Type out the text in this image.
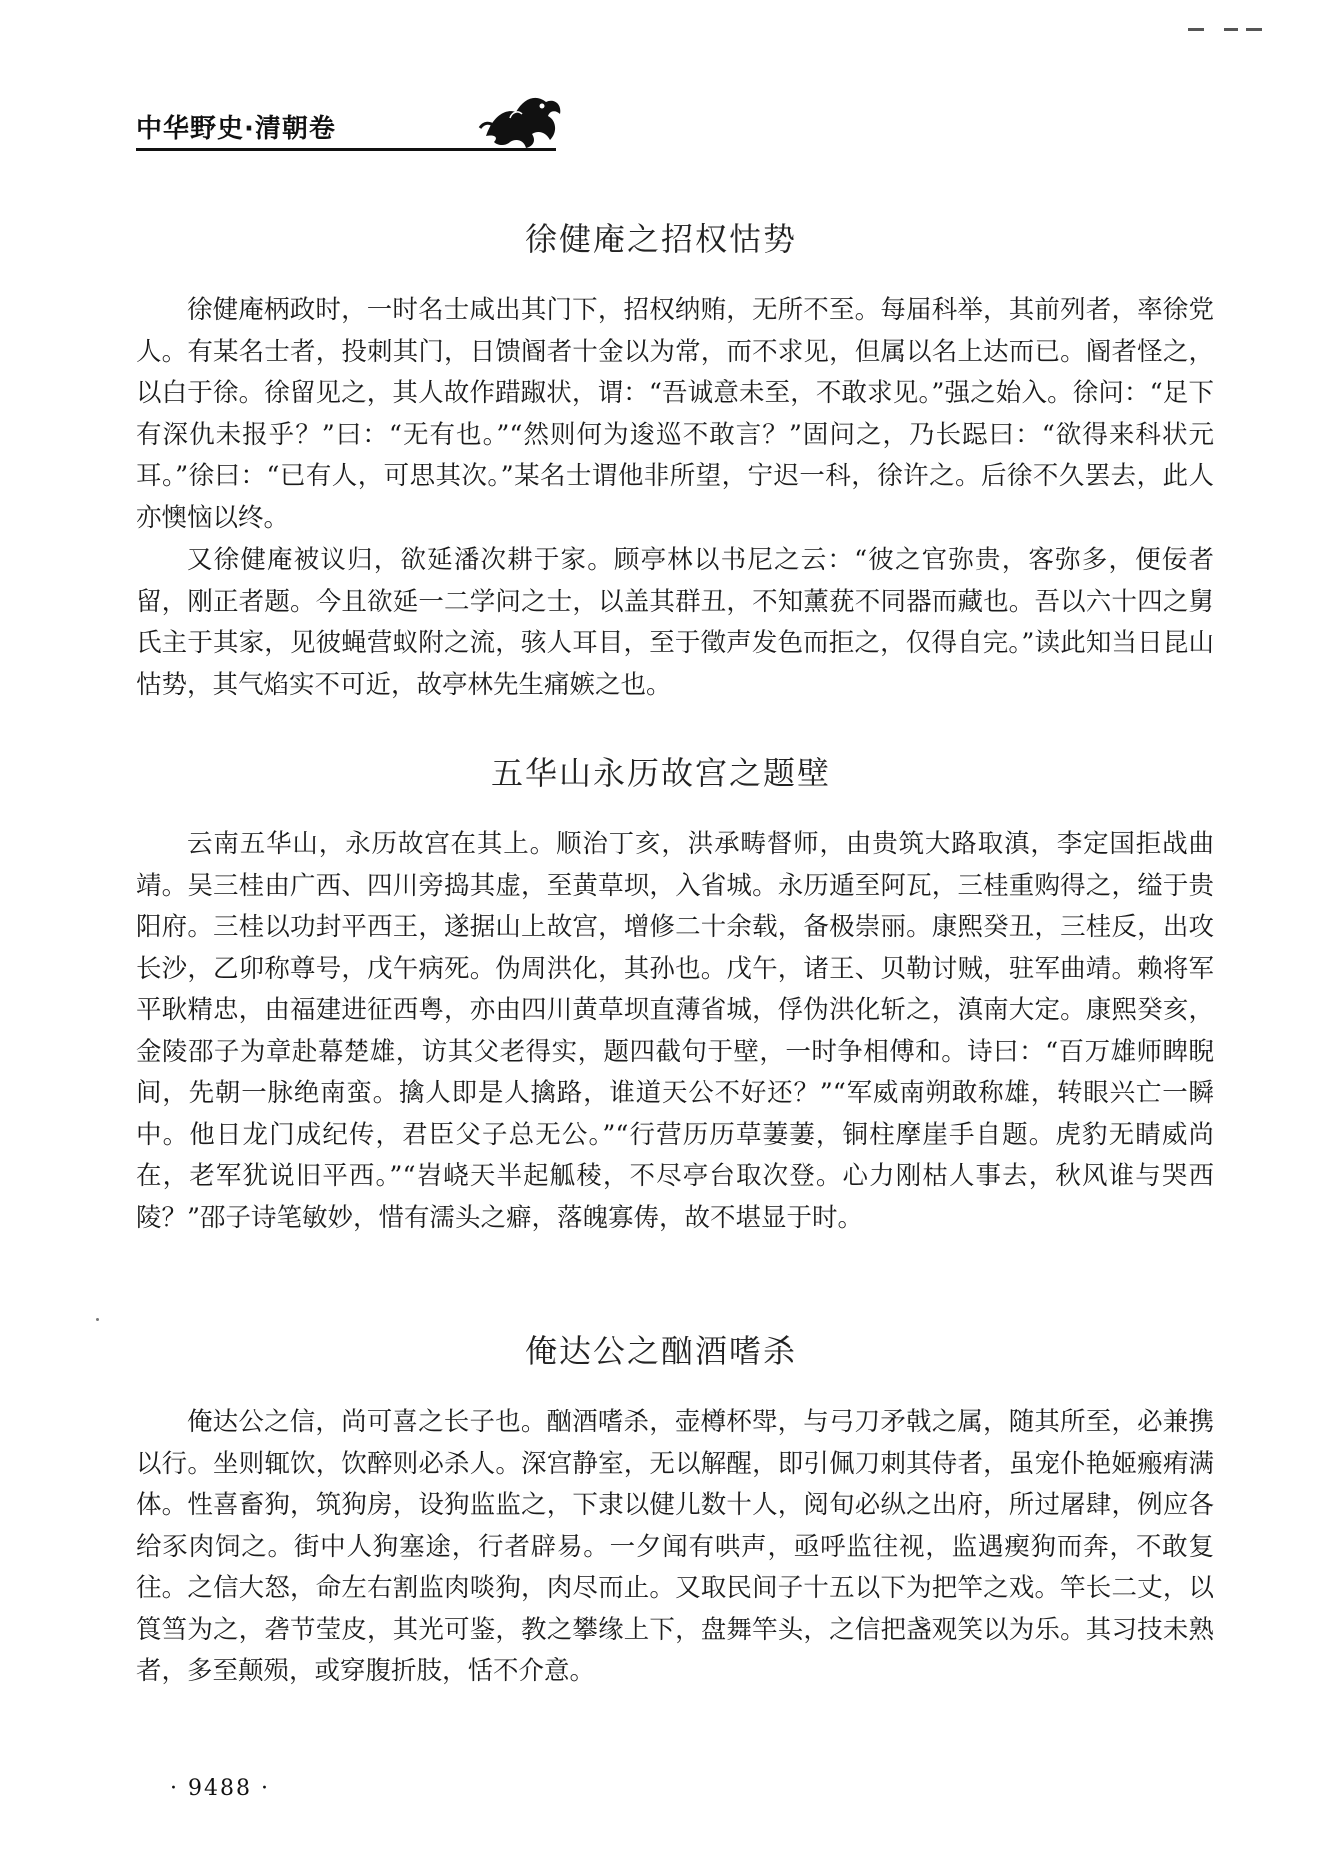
中华野史·清朝卷
徐健庵之招权怙势

徐健庵柄政时，一时名士咸出其门下，招权纳贿，无所不至。每届科举，其前列者，率徐党人。有某名士者，投刺其门，日馈阍者十金以为常，而不求见，但属以名上达而已。阍者怪之，以白于徐。徐留见之，其人故作踖踧状，谓：“吾诚意未至，不敢求见。”强之始入。徐问：“足下有深仇未报乎？”曰：“无有也。”“然则何为逡巡不敢言？”固问之，乃长跽曰：“欲得来科状元耳。”徐曰：“已有人，可思其次。”某名士谓他非所望，宁迟一科，徐许之。后徐不久罢去，此人亦懊恼以终。

又徐健庵被议归，欲延潘次耕于家。顾亭林以书尼之云：“彼之官弥贵，客弥多，便佞者留，刚正者题。今且欲延一二学问之士，以盖其群丑，不知薰莸不同器而藏也。吾以六十四之舅氏主于其家，见彼蝇营蚁附之流，骇人耳目，至于徵声发色而拒之，仅得自完。”读此知当日昆山怙势，其气焰实不可近，故亭林先生痛嫉之也。

五华山永历故宫之题壁

云南五华山，永历故宫在其上。顺治丁亥，洪承畴督师，由贵筑大路取滇，李定国拒战曲靖。吴三桂由广西、四川旁捣其虚，至黄草坝，入省城。永历遁至阿瓦，三桂重购得之，缢于贵阳府。三桂以功封平西王，遂据山上故宫，增修二十余载，备极崇丽。康熙癸丑，三桂反，出攻长沙，乙卯称尊号，戊午病死。伪周洪化，其孙也。戊午，诸王、贝勒讨贼，驻军曲靖。赖将军平耿精忠，由福建进征西粤，亦由四川黄草坝直薄省城，俘伪洪化斩之，滇南大定。康熙癸亥，金陵邵子为章赴幕楚雄，访其父老得实，题四截句于壁，一时争相傅和。诗曰：“百万雄师睥睨间，先朝一脉绝南蛮。擒人即是人擒路，谁道天公不好还？”“军威南朔敢称雄，转眼兴亡一瞬中。他日龙门成纪传，君臣父子总无公。”“行营历历草萋萋，铜柱摩崖手自题。虎豹无睛威尚在，老军犹说旧平西。”“岧峣天半起觚稜，不尽亭台取次登。心力刚枯人事去，秋风谁与哭西陵？”邵子诗笔敏妙，惜有濡头之癖，落魄寡俦，故不堪显于时。

俺达公之酗酒嗜杀

俺达公之信，尚可喜之长子也。酗酒嗜杀，壶樽杯斝，与弓刀矛戟之属，随其所至，必兼携以行。坐则辄饮，饮醉则必杀人。深宫静室，无以解醒，即引佩刀刺其侍者，虽宠仆艳姬瘢痏满体。性喜畜狗，筑狗房，设狗监监之，下隶以健儿数十人，阅旬必纵之出府，所过屠肆，例应各给豕肉饲之。街中人狗塞途，行者辟易。一夕闻有哄声，亟呼监往视，监遇瘈狗而奔，不敢复往。之信大怒，命左右割监肉啖狗，肉尽而止。又取民间子十五以下为把竿之戏。竿长二丈，以筤筜为之，砻节莹皮，其光可鉴，教之攀缘上下，盘舞竿头，之信把盏观笑以为乐。其习技未熟者，多至颠殒，或穿腹折肢，恬不介意。

· 9488 ·
